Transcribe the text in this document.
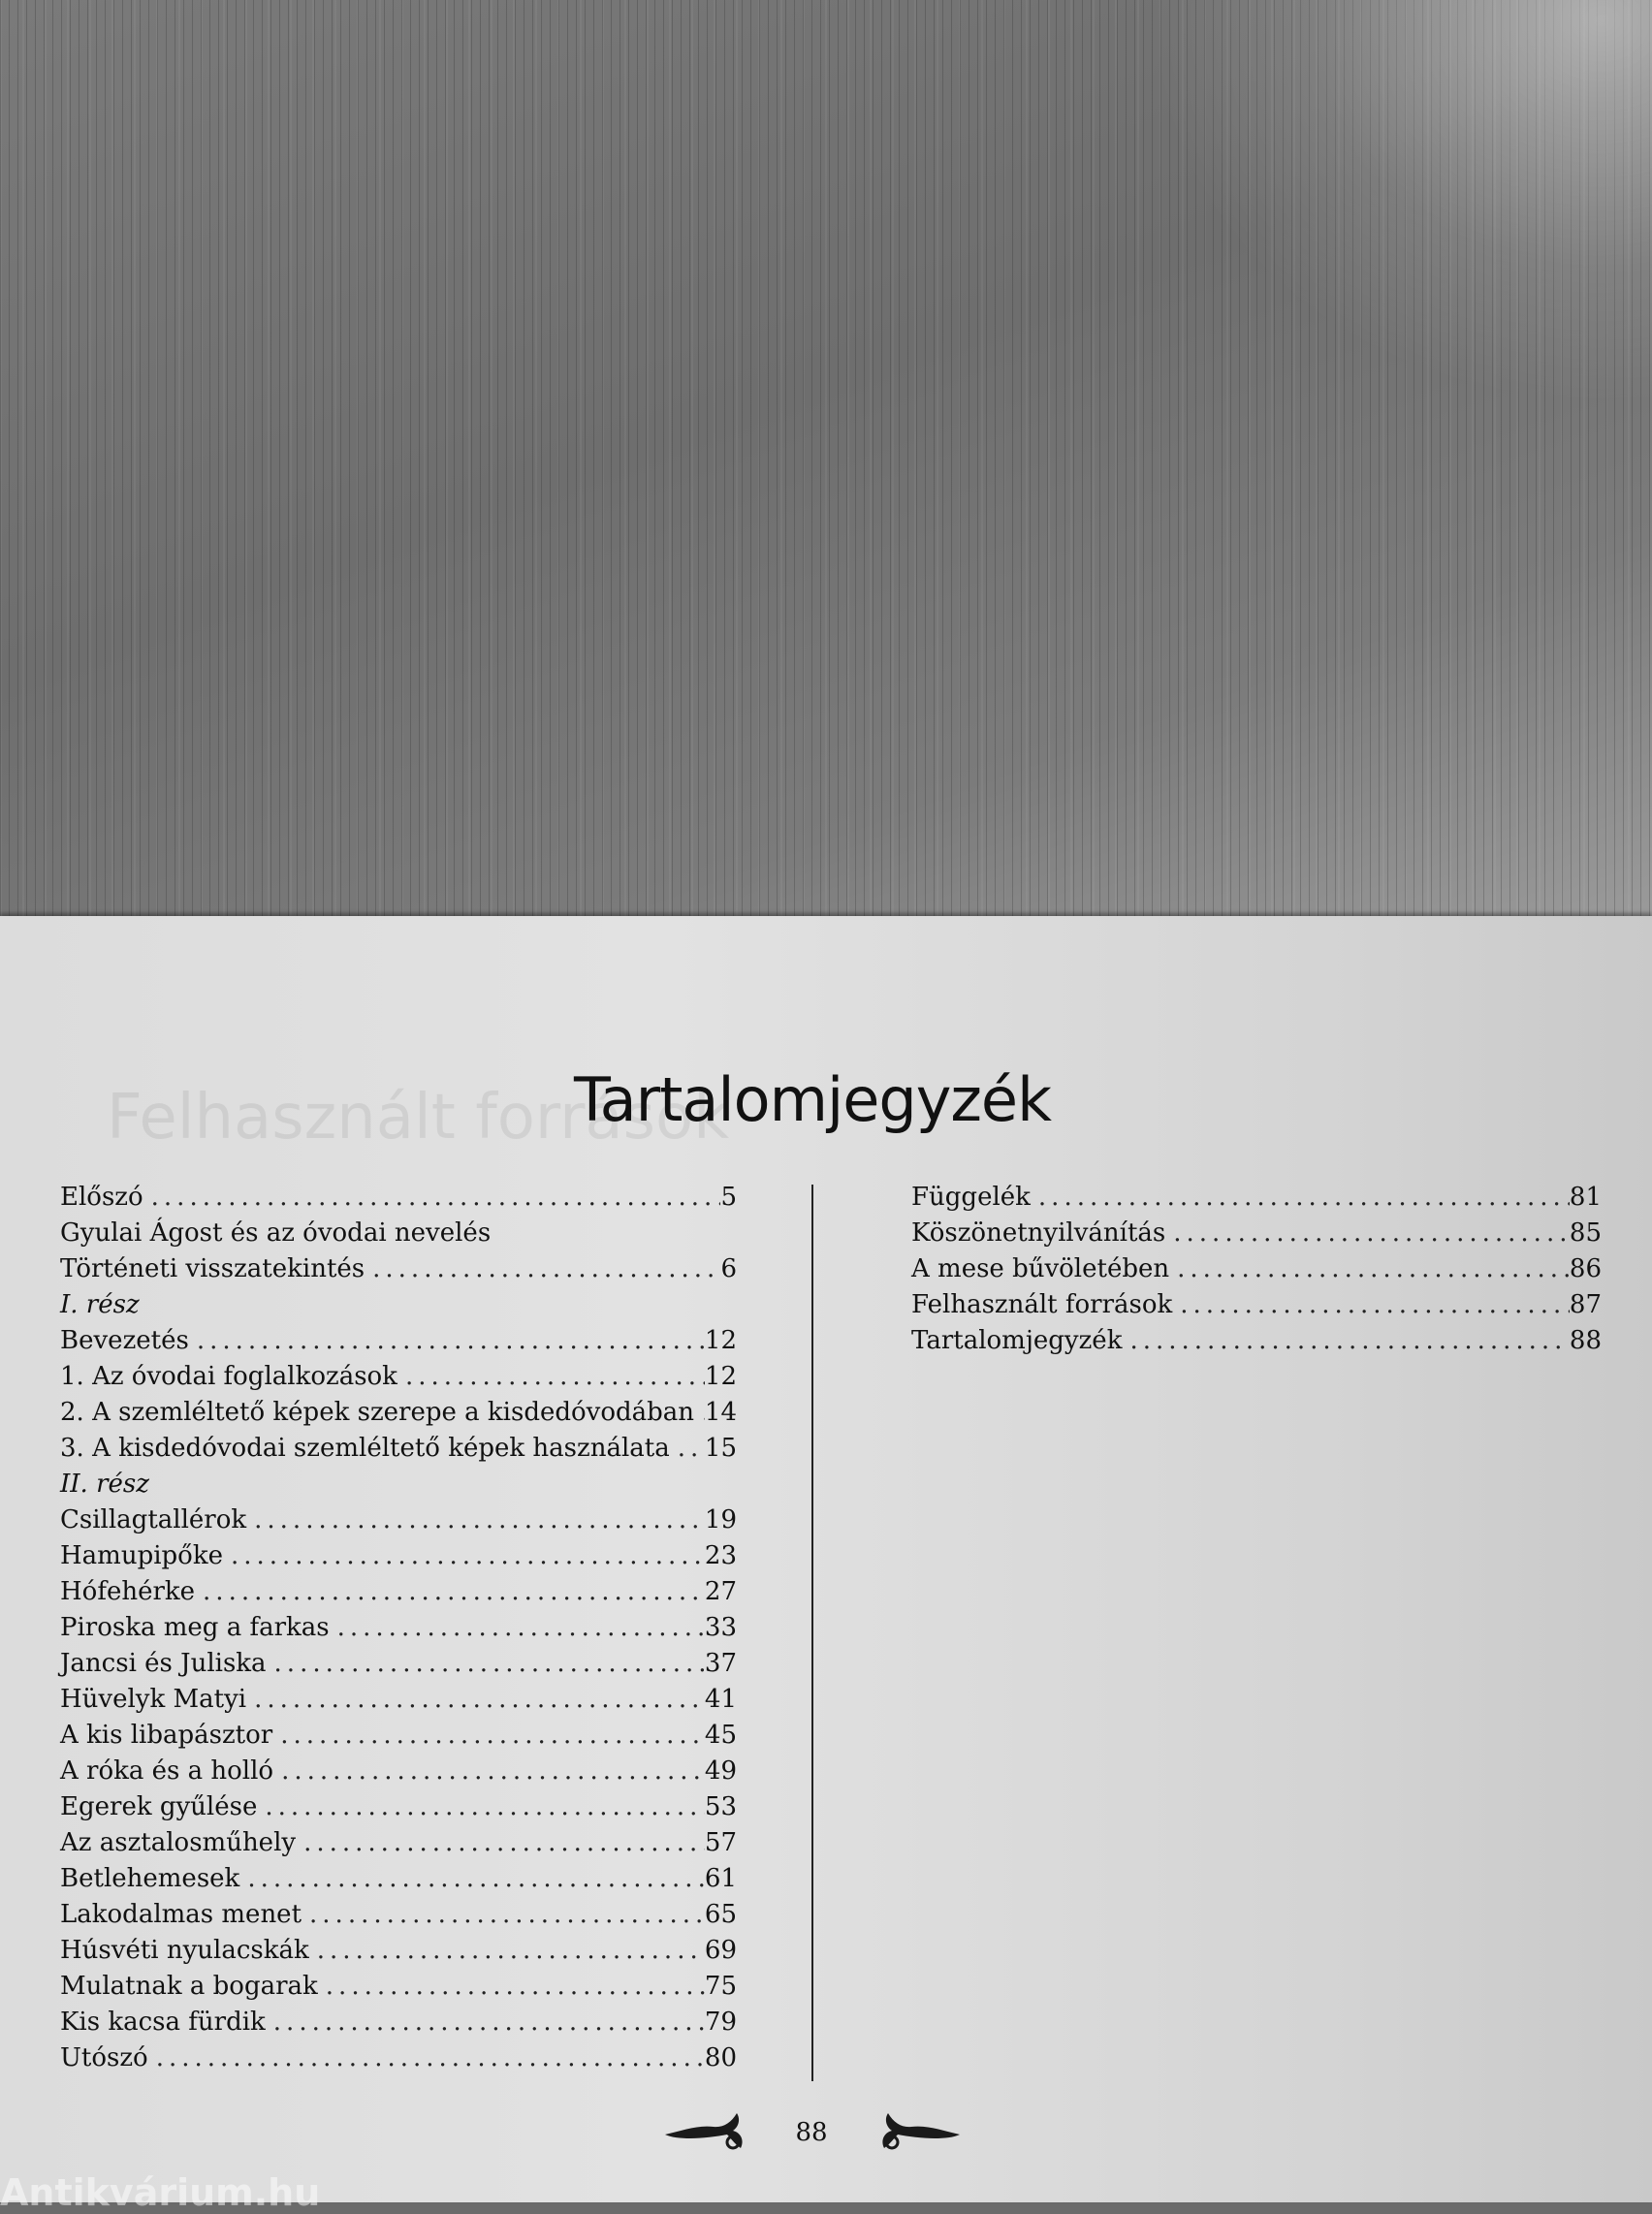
Felhasznált források
Tartalomjegyzék
Előszó .....	5
Gyulai Ágost és az óvodai nevelés
Történeti visszatekintés .....	6
I. rész
Bevezetés .....	12
1. Az óvodai foglalkozások .....	12
2. A szemléltető képek szerepe a kisdedóvodában ..... 14
3. A kisdedóvodai szemléltető képek használata .....	15
II. rész
Csillagtallérok .....	19
Hamupipőke .....	23
Hófehérke .....	27
Piroska meg a farkas .....	33
Jancsi és Juliska .....	37
Hüvelyk Matyi .....	41
A kis libapásztor .....	45
A róka és a holló .....	49
Egerek gyűlése .....	53
Az asztalosműhely .....	57
Betlehemesek .....	61
Lakodalmas menet .....	65
Húsvéti nyulacskák .....	69
Mulatnak a bogarak .....	75
Kis kacsa fürdik .....	79
Utószó .....	80
Függelék .....	81
Köszönetnyilvánítás .....	85
A mese bűvöletében .....	86
Felhasznált források .....	87
Tartalomjegyzék .....	88
88
Antikvárium.hu
